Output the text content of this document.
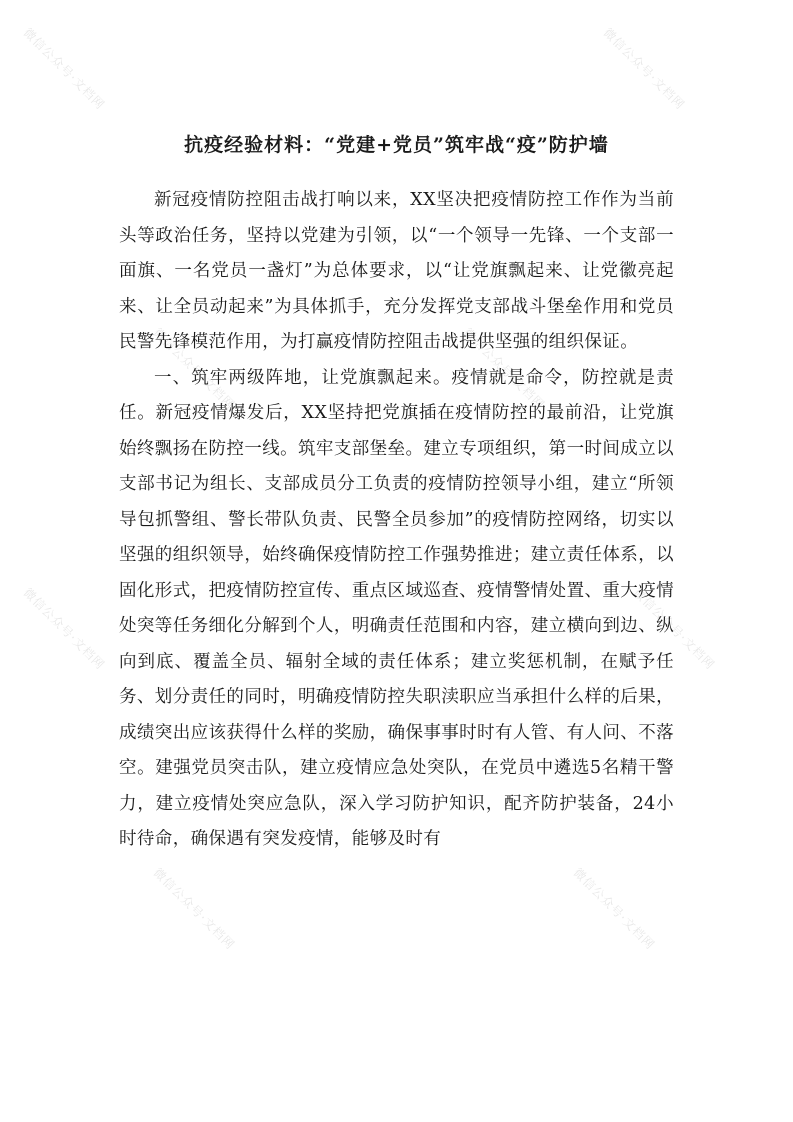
微信公众号·文档网	微信公众号·文档网
微信公众号·文档网	微信公众号·文档网
微信公众号·文档网	微信公众号·文档网
微信公众号·文档网	微信公众号·文档网
抗疫经验材料：“党建+党员”筑牢战“疫”防护墙

新冠疫情防控阻击战打响以来，XX坚决把疫情防控工作作为当前头等政治任务，坚持以党建为引领，以“一个领导一先锋、一个支部一面旗、一名党员一盏灯”为总体要求，以“让党旗飘起来、让党徽亮起来、让全员动起来”为具体抓手，充分发挥党支部战斗堡垒作用和党员民警先锋模范作用，为打赢疫情防控阻击战提供坚强的组织保证。

一、筑牢两级阵地，让党旗飘起来。疫情就是命令，防控就是责任。新冠疫情爆发后，XX坚持把党旗插在疫情防控的最前沿，让党旗始终飘扬在防控一线。筑牢支部堡垒。建立专项组织，第一时间成立以支部书记为组长、支部成员分工负责的疫情防控领导小组，建立“所领导包抓警组、警长带队负责、民警全员参加”的疫情防控网络，切实以坚强的组织领导，始终确保疫情防控工作强势推进；建立责任体系，以固化形式，把疫情防控宣传、重点区域巡查、疫情警情处置、重大疫情处突等任务细化分解到个人，明确责任范围和内容，建立横向到边、纵向到底、覆盖全员、辐射全域的责任体系；建立奖惩机制，在赋予任务、划分责任的同时，明确疫情防控失职渎职应当承担什么样的后果，成绩突出应该获得什么样的奖励，确保事事时时有人管、有人问、不落空。建强党员突击队，建立疫情应急处突队，在党员中遴选5名精干警力，建立疫情处突应急队，深入学习防护知识，配齐防护装备，24小时待命，确保遇有突发疫情，能够及时有
